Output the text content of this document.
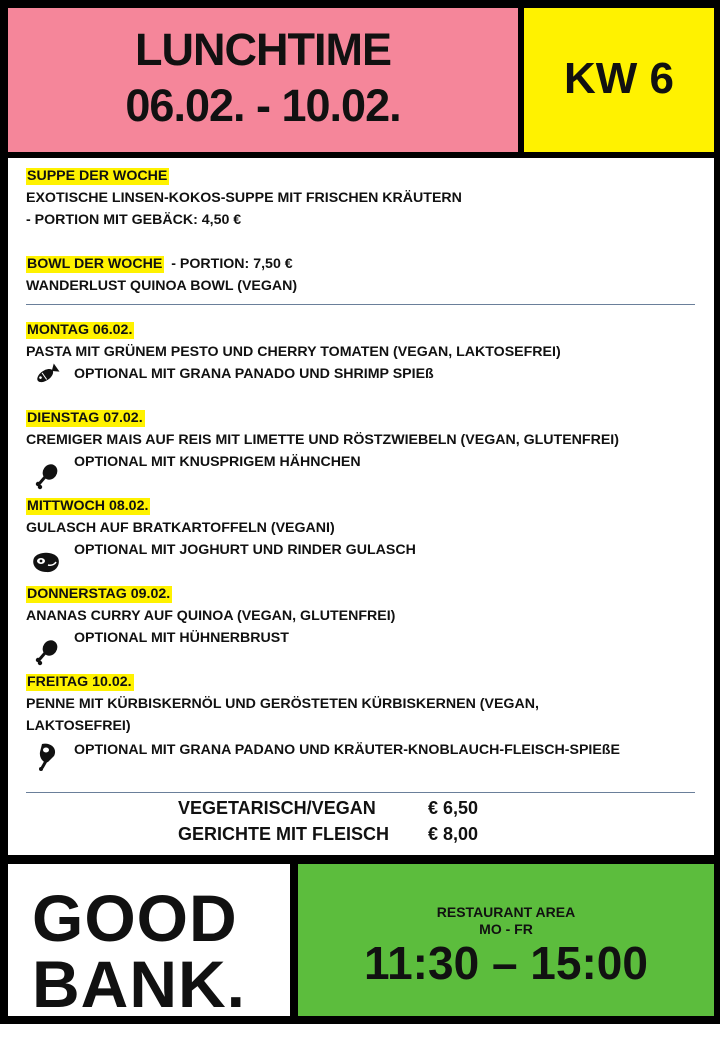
LUNCHTIME
06.02. - 10.02.
KW 6
SUPPE DER WOCHE
EXOTISCHE LINSEN-KOKOS-SUPPE MIT FRISCHEN KRÄUTERN
- PORTION MIT GEBÄCK: 4,50 €
BOWL DER WOCHE - PORTION: 7,50 €
WANDERLUST QUINOA BOWL (VEGAN)
MONTAG 06.02.
PASTA MIT GRÜNEM PESTO UND CHERRY TOMATEN (VEGAN, LAKTOSEFREI)
OPTIONAL MIT GRANA PANADO UND SHRIMP SPIEß
DIENSTAG 07.02.
CREMIGER MAIS AUF REIS MIT LIMETTE UND RÖSTZWIEBELN (VEGAN, GLUTENFREI)
OPTIONAL MIT KNUSPRIGEM HÄHNCHEN
MITTWOCH 08.02.
GULASCH AUF BRATKARTOFFELN (VEGANI)
OPTIONAL MIT JOGHURT UND RINDER GULASCH
DONNERSTAG 09.02.
ANANAS CURRY AUF QUINOA (VEGAN, GLUTENFREI)
OPTIONAL MIT HÜHNERBRUST
FREITAG 10.02.
PENNE MIT KÜRBISKERNÖL UND GERÖSTETEN KÜRBISKERNEN (VEGAN,
LAKTOSEFREI)
OPTIONAL MIT GRANA PADANO UND KRÄUTER-KNOBLAUCH-FLEISCH-SPIEßE
VEGETARISCH/VEGAN	€ 6,50
GERICHTE MIT FLEISCH € 8,00
GOOD
BANK.
RESTAURANT AREA
MO - FR
11:30 – 15:00
